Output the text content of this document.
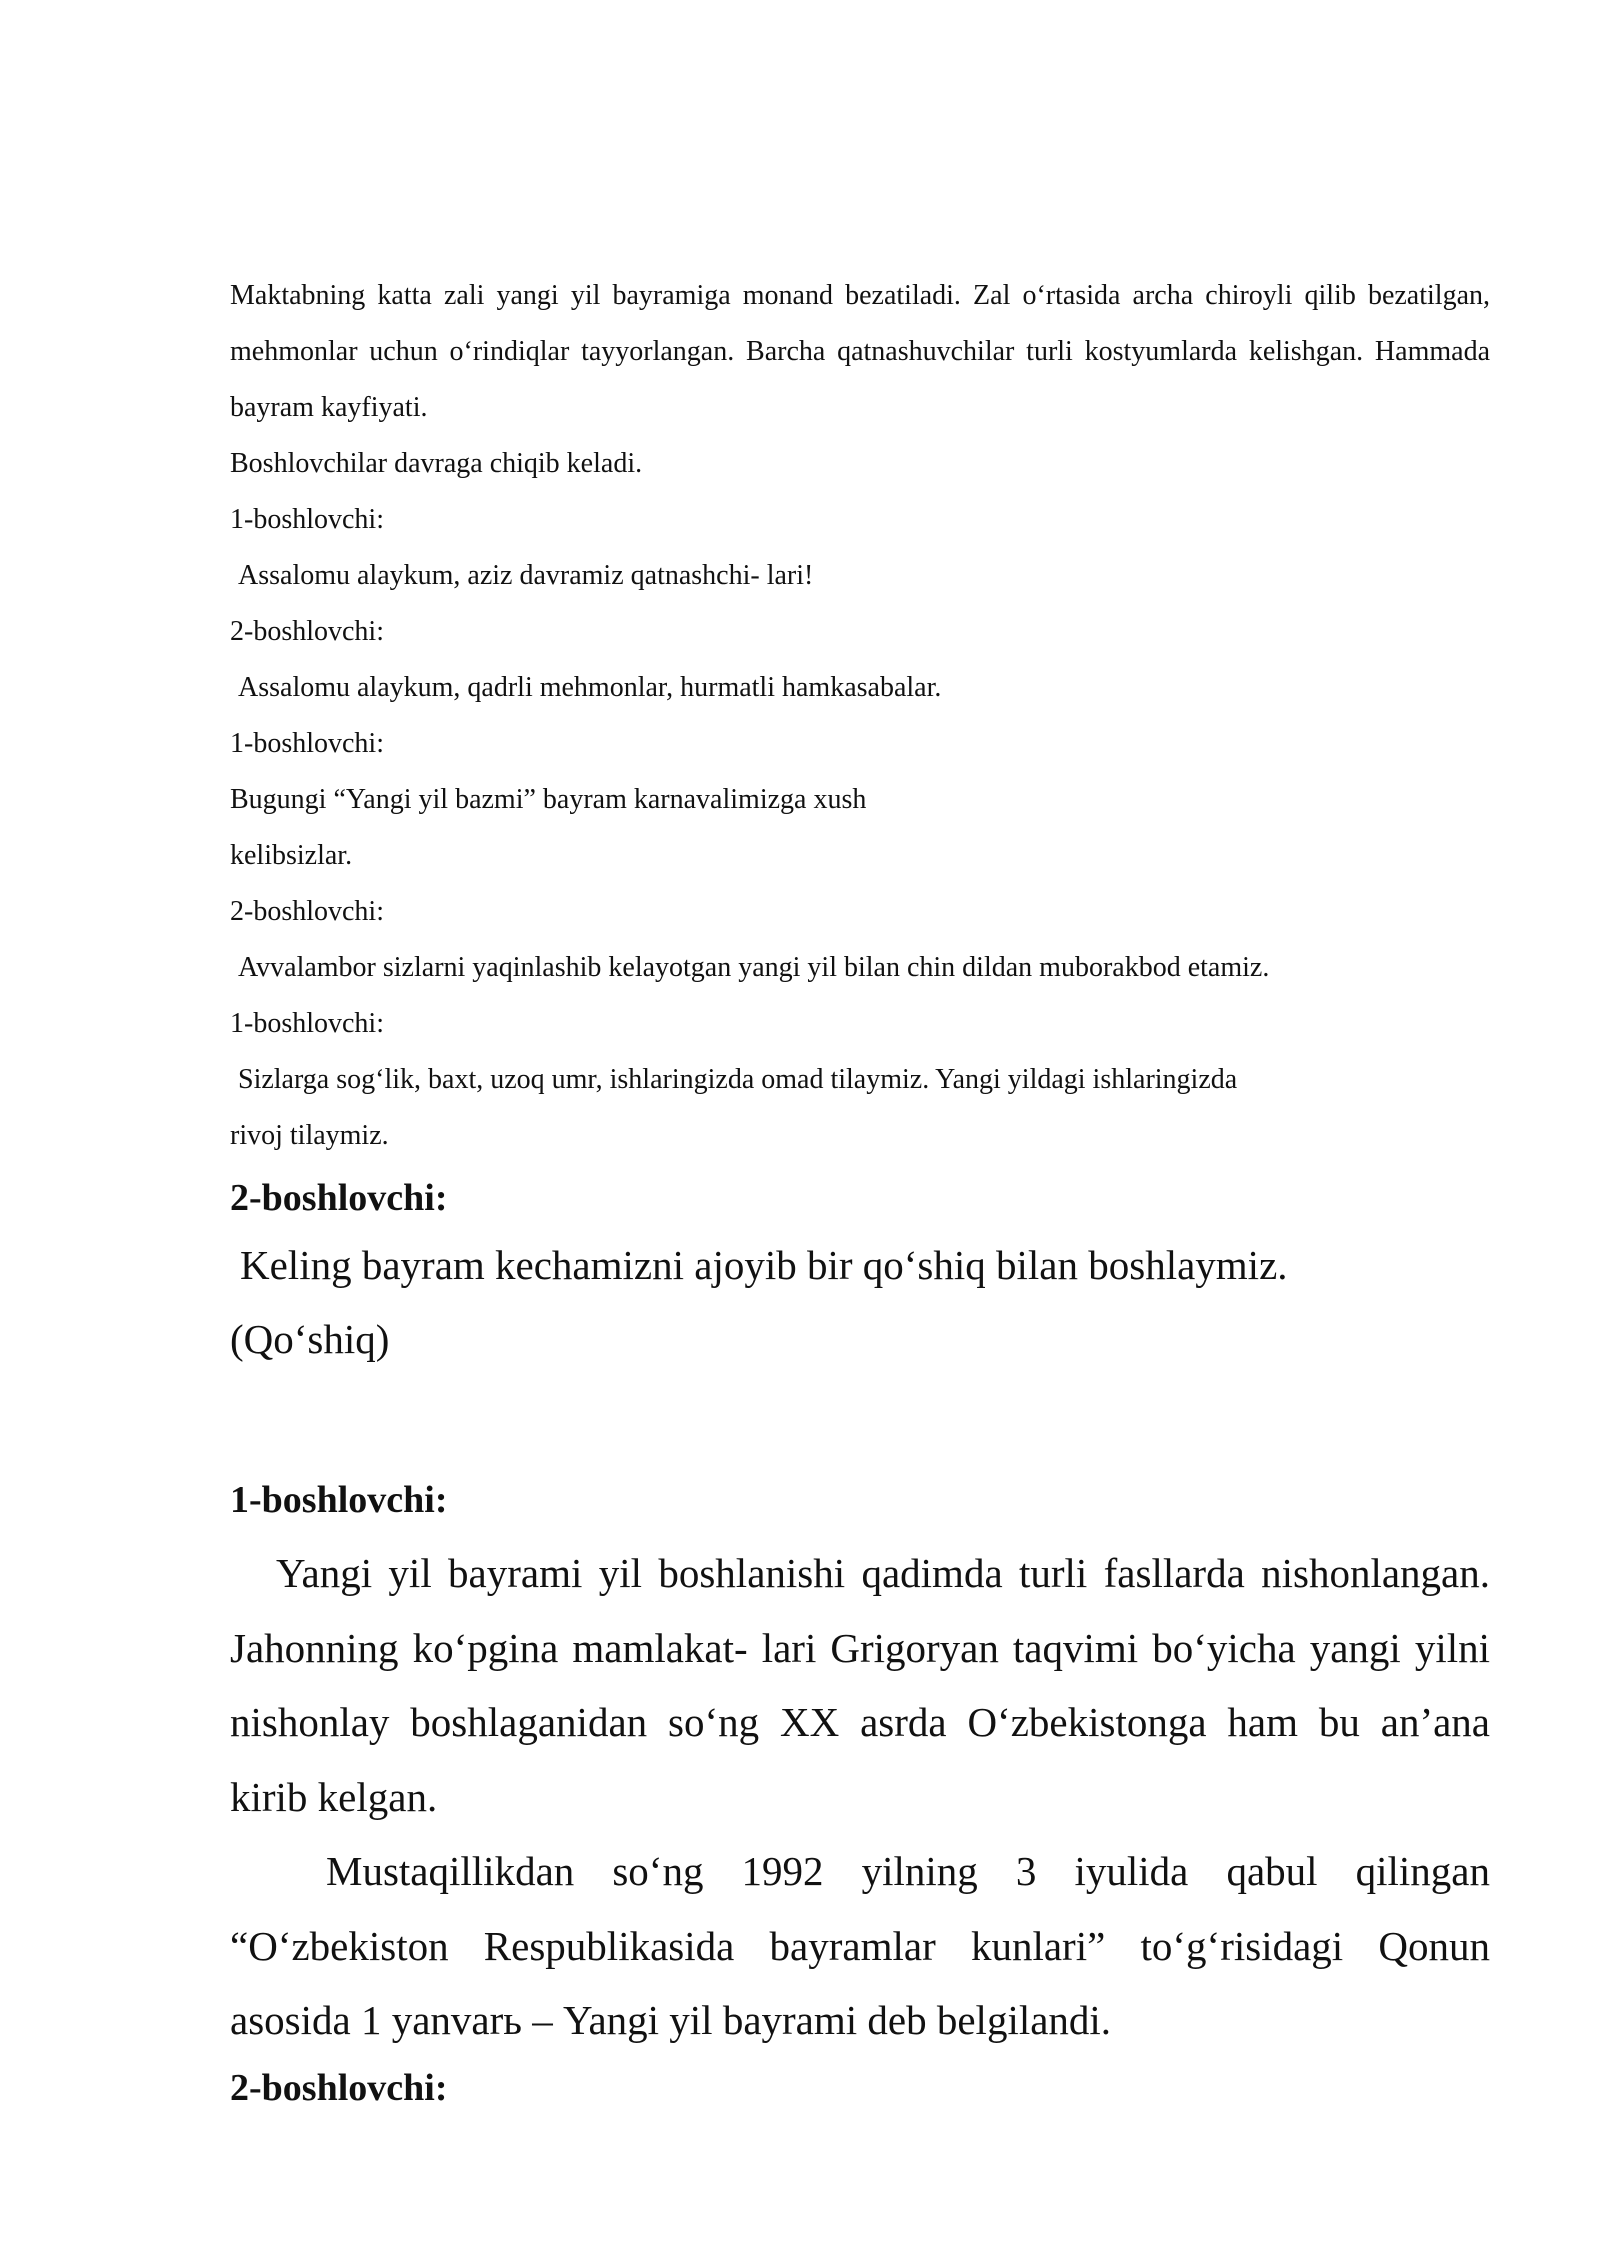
Maktabning katta zali yangi yil bayramiga monand bezatiladi. Zal o‘rtasida archa chiroyli qilib bezatilgan, mehmonlar uchun o‘rindiqlar tayyorlangan. Barcha qatnashuvchilar turli kostyumlarda kelishgan. Hammada bayram kayfiyati.

Boshlovchilar davraga chiqib keladi.

1-boshlovchi:

Assalomu alaykum, aziz davramiz qatnashchi- lari!

2-boshlovchi:

Assalomu alaykum, qadrli mehmonlar, hurmatli hamkasabalar.

1-boshlovchi:

Bugungi “Yangi yil bazmi” bayram karnavalimizga xush

kelibsizlar.

2-boshlovchi:

Avvalambor sizlarni yaqinlashib kelayotgan yangi yil bilan chin dildan muborakbod etamiz.

1-boshlovchi:

Sizlarga sog‘lik, baxt, uzoq umr, ishlaringizda omad tilaymiz. Yangi yildagi ishlaringizda

rivoj tilaymiz.

2-boshlovchi:

Keling bayram kechamizni ajoyib bir qo‘shiq bilan boshlaymiz.

(Qo‘shiq)

1-boshlovchi:

Yangi yil bayrami yil boshlanishi qadimda turli fasllarda nishonlangan. Jahonning ko‘pgina mamlakat- lari Grigoryan taqvimi bo‘yicha yangi yilni nishonlay boshlaganidan so‘ng XX asrda O‘zbekistonga ham bu an’ana kirib kelgan.

Mustaqillikdan so‘ng 1992 yilning 3 iyulida qabul qilingan “O‘zbekiston Respublikasida bayramlar kunlari” to‘g‘risidagi Qonun asosida 1 yanvarь – Yangi yil bayrami deb belgilandi.

2-boshlovchi:
